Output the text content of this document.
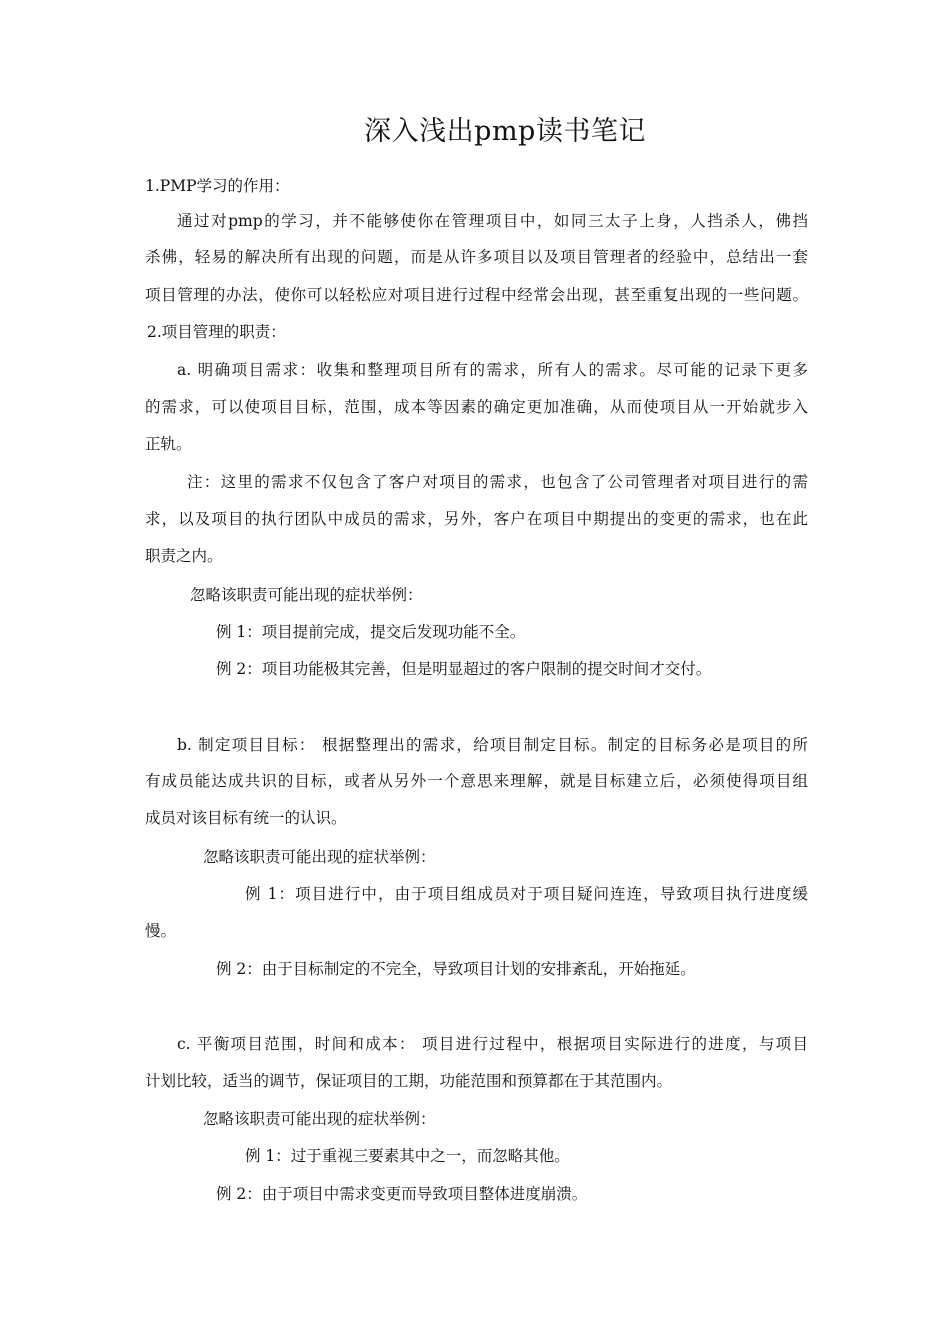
深入浅出pmp读书笔记

1.PMP学习的作用：

通过对pmp的学习，并不能够使你在管理项目中，如同三太子上身，人挡杀人，佛挡

杀佛，轻易的解决所有出现的问题，而是从许多项目以及项目管理者的经验中，总结出一套

项目管理的办法，使你可以轻松应对项目进行过程中经常会出现，甚至重复出现的一些问题。

2.项目管理的职责：

a. 明确项目需求：收集和整理项目所有的需求，所有人的需求。尽可能的记录下更多

的需求，可以使项目目标，范围，成本等因素的确定更加准确，从而使项目从一开始就步入

正轨。

注：这里的需求不仅包含了客户对项目的需求，也包含了公司管理者对项目进行的需

求，以及项目的执行团队中成员的需求，另外，客户在项目中期提出的变更的需求，也在此

职责之内。

忽略该职责可能出现的症状举例：

例 1：项目提前完成，提交后发现功能不全。

例 2：项目功能极其完善，但是明显超过的客户限制的提交时间才交付。

b. 制定项目目标： 根据整理出的需求，给项目制定目标。制定的目标务必是项目的所

有成员能达成共识的目标，或者从另外一个意思来理解，就是目标建立后，必须使得项目组

成员对该目标有统一的认识。

忽略该职责可能出现的症状举例：

例 1：项目进行中，由于项目组成员对于项目疑问连连，导致项目执行进度缓

慢。

例 2：由于目标制定的不完全，导致项目计划的安排紊乱，开始拖延。

c. 平衡项目范围，时间和成本： 项目进行过程中，根据项目实际进行的进度，与项目

计划比较，适当的调节，保证项目的工期，功能范围和预算都在于其范围内。

忽略该职责可能出现的症状举例：

例 1：过于重视三要素其中之一，而忽略其他。

例 2：由于项目中需求变更而导致项目整体进度崩溃。
